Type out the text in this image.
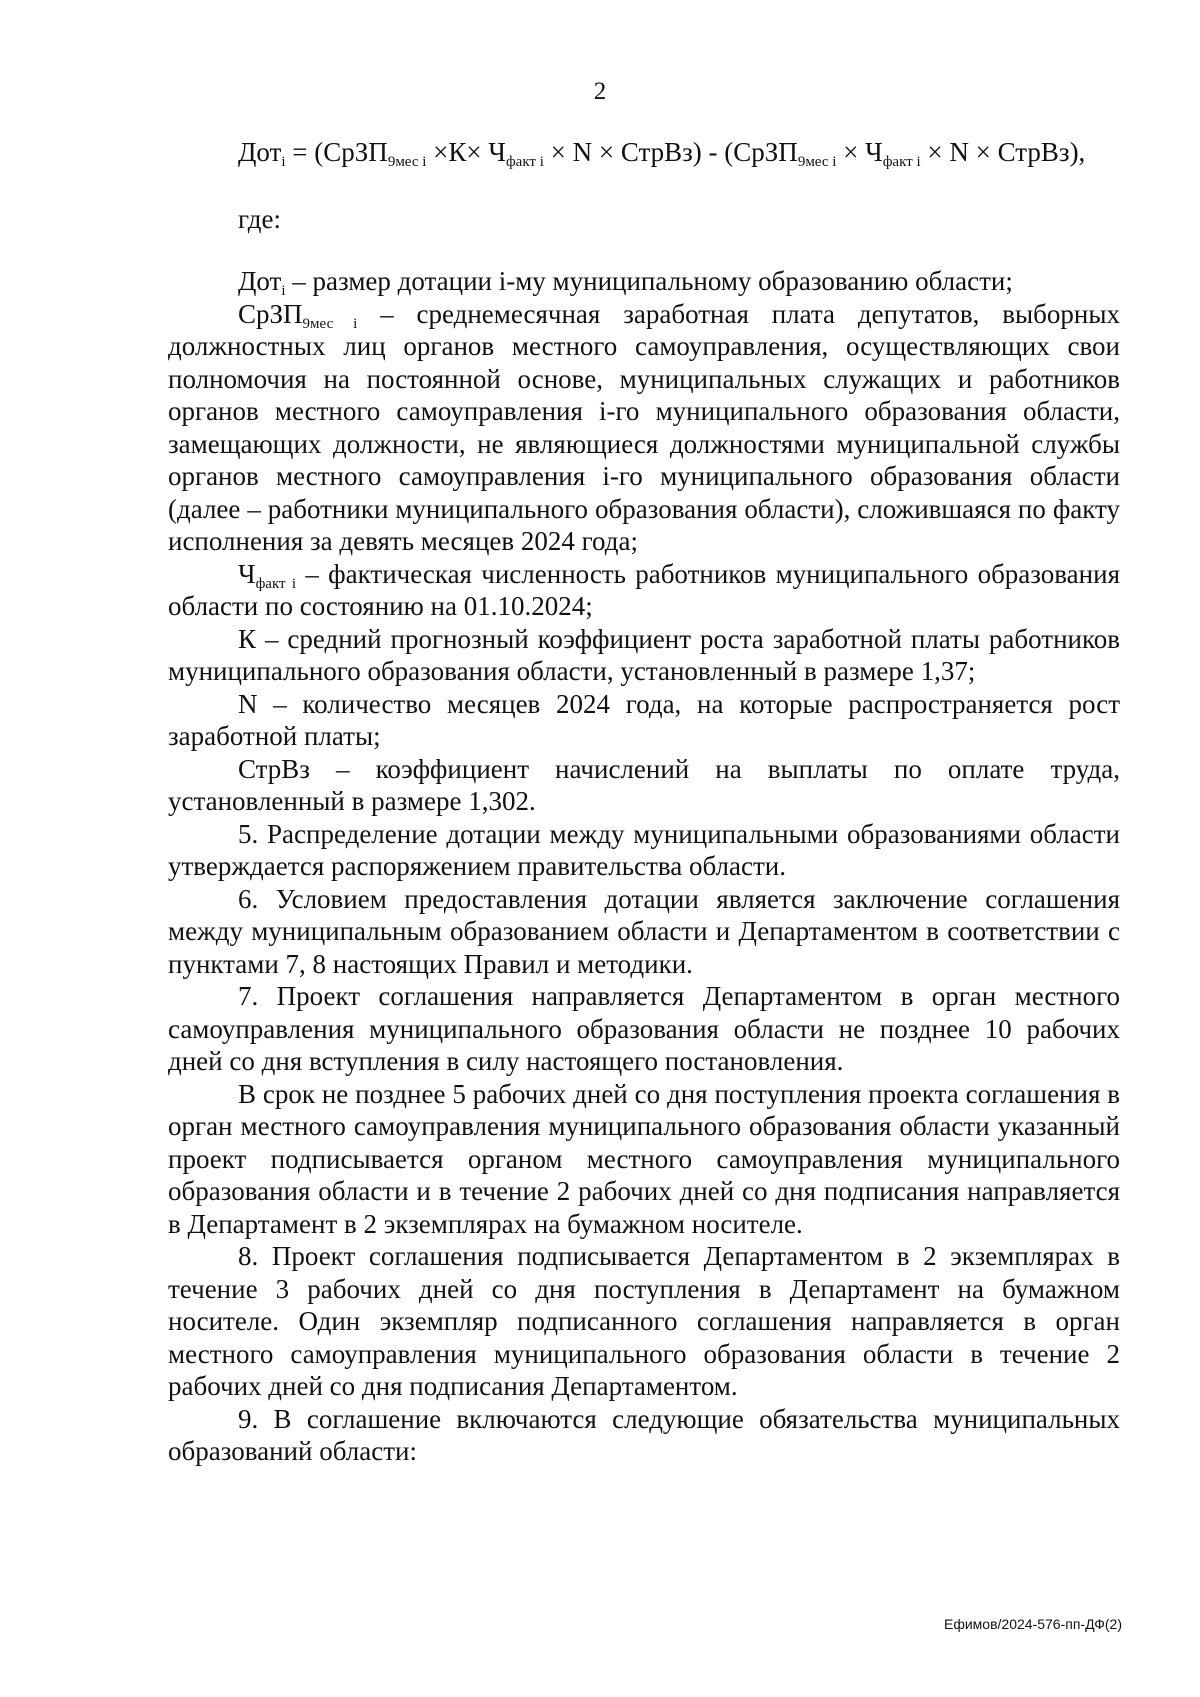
2

Дот$_i$ = (СрЗП$_{9мес i}$ $\times К\times Ч_{факт i} \times N$ × СтрВз) - (СрЗП$_{9мес i}$ × $Ч_{факт i} \times N$ × СтрВз),

где:

Дот$_i$ – размер дотации i-му муниципальному образованию области;

СрЗП$_{9мес i}$ – среднемесячная заработная плата депутатов, выборных должностных лиц органов местного самоуправления, осуществляющих свои полномочия на постоянной основе, муниципальных служащих и работников органов местного самоуправления i-го муниципального образования области, замещающих должности, не являющиеся должностями муниципальной службы органов местного самоуправления i-го муниципального образования области (далее – работники муниципального образования области), сложившаяся по факту исполнения за девять месяцев 2024 года;

$Ч_{факт i}$ – фактическая численность работников муниципального образования области по состоянию на 01.10.2024;

К – средний прогнозный коэффициент роста заработной платы работников муниципального образования области, установленный в размере 1,37;

N – количество месяцев 2024 года, на которые распространяется рост заработной платы;

СтрВз – коэффициент начислений на выплаты по оплате труда, установленный в размере 1,302.

5. Распределение дотации между муниципальными образованиями области утверждается распоряжением правительства области.

6. Условием предоставления дотации является заключение соглашения между муниципальным образованием области и Департаментом в соответствии с пунктами 7, 8 настоящих Правил и методики.

7. Проект соглашения направляется Департаментом в орган местного самоуправления муниципального образования области не позднее 10 рабочих дней со дня вступления в силу настоящего постановления.

В срок не позднее 5 рабочих дней со дня поступления проекта соглашения в орган местного самоуправления муниципального образования области указанный проект подписывается органом местного самоуправления муниципального образования области и в течение 2 рабочих дней со дня подписания направляется в Департамент в 2 экземплярах на бумажном носителе.

8. Проект соглашения подписывается Департаментом в 2 экземплярах в течение 3 рабочих дней со дня поступления в Департамент на бумажном носителе. Один экземпляр подписанного соглашения направляется в орган местного самоуправления муниципального образования области в течение 2 рабочих дней со дня подписания Департаментом.

9. В соглашение включаются следующие обязательства муниципальных образований области:

Ефимов/2024-576-пп-ДФ(2)
